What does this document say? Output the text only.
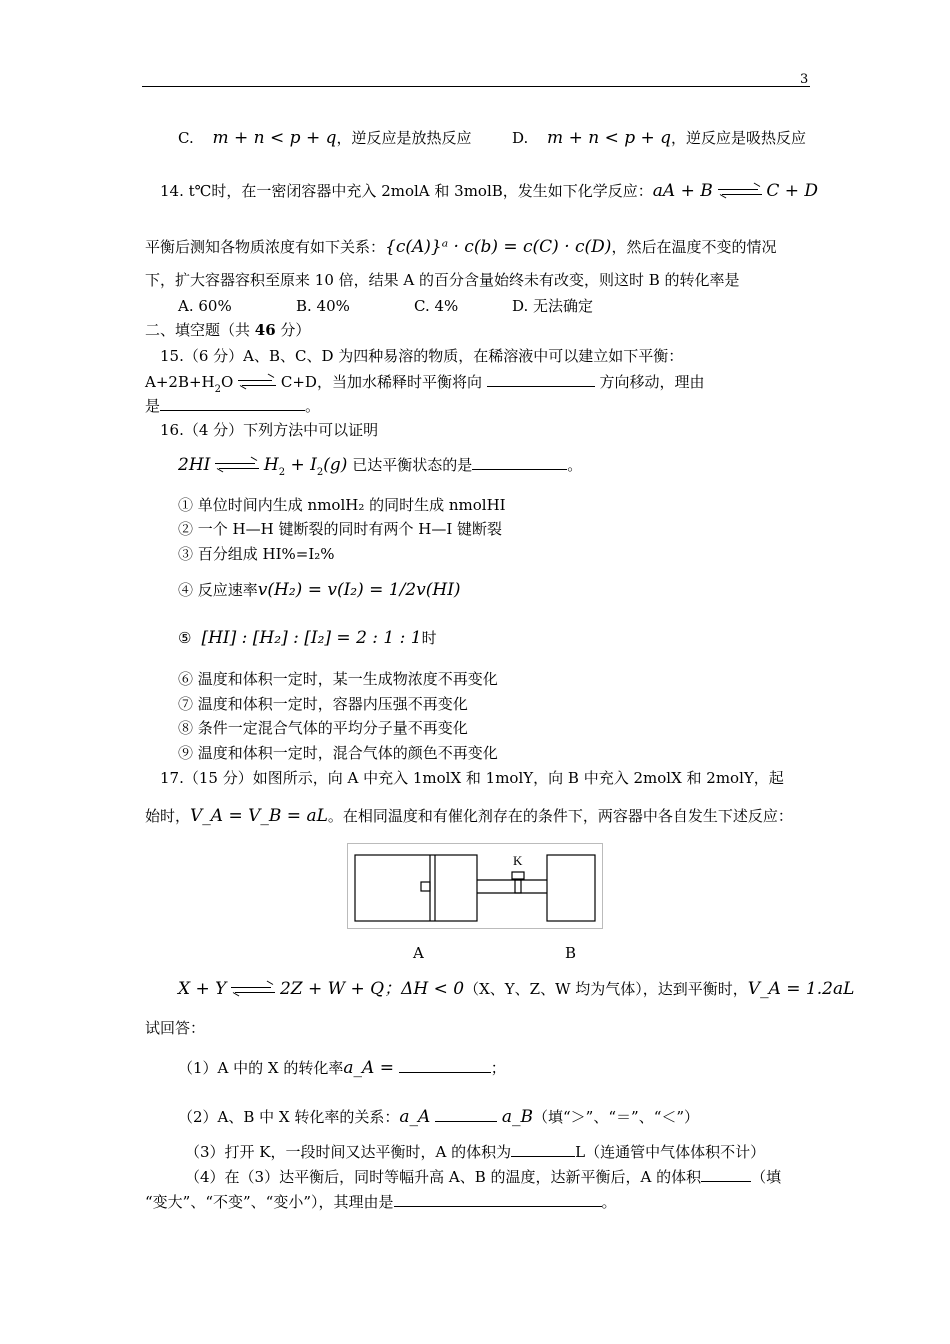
3
C. m + n < p + q，逆反应是放热反应	D. m + n < p + q，逆反应是吸热反应
14. t℃时，在一密闭容器中充入 2molA 和 3molB，发生如下化学反应：aA + B	C + D
平衡后测知各物质浓度有如下关系：{c(A)}ᵃ · c(b) = c(C) · c(D)，然后在温度不变的情况
下，扩大容器容积至原来 10 倍，结果 A 的百分含量始终未有改变，则这时 B 的转化率是
A. 60%	B. 40%	C. 4%	D. 无法确定
二、填空题（共 46 分）
15.（6 分）A、B、C、D 为四种易溶的物质，在稀溶液中可以建立如下平衡：
$A+2B+H_2O$	C+D，当加水稀释时平衡将向	方向移动，理由
是	。
16.（4 分）下列方法中可以证明
2HI	$H_2 + I_2(g)$ 已达平衡状态的是	。
① 单位时间内生成 nmolH₂ 的同时生成 nmolHI
② 一个 H—H 键断裂的同时有两个 H—I 键断裂
③ 百分组成 HI%=I₂%
④ 反应速率v(H₂) = v(I₂) = 1/2v(HI)
⑤ [HI] : [H₂] : [I₂] = 2 : 1 : 1时
⑥ 温度和体积一定时，某一生成物浓度不再变化
⑦ 温度和体积一定时，容器内压强不再变化
⑧ 条件一定混合气体的平均分子量不再变化
⑨ 温度和体积一定时，混合气体的颜色不再变化
17.（15 分）如图所示，向 A 中充入 1molX 和 1molY，向 B 中充入 2molX 和 2molY，起
始时，V_A = V_B = aL。在相同温度和有催化剂存在的条件下，两容器中各自发生下述反应：
K
A	B
X + Y	2Z + W + Q；ΔH < 0（X、Y、Z、W 均为气体），达到平衡时，V_A = 1.2aL
试回答：
（1）A 中的 X 的转化率a_A =	；
（2）A、B 中 X 转化率的关系：a_A	a_B（填“＞”、“＝”、“＜”）
（3）打开 K，一段时间又达平衡时，A 的体积为	L（连通管中气体体积不计）
（4）在（3）达平衡后，同时等幅升高 A、B 的温度，达新平衡后，A 的体积	（填
“变大”、“不变”、“变小”），其理由是	。
